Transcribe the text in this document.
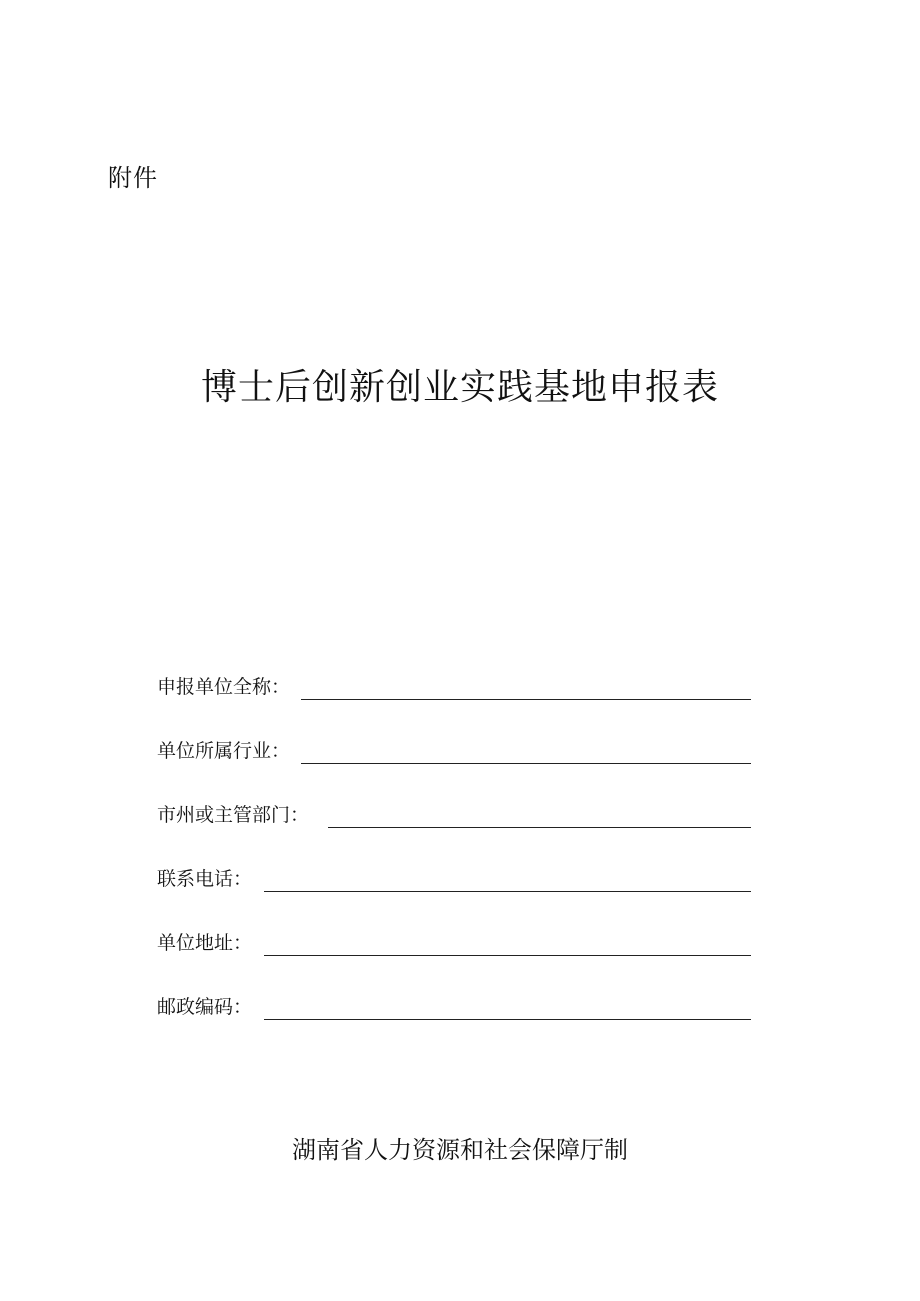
附件
博士后创新创业实践基地申报表
申报单位全称：
单位所属行业：
市州或主管部门：
联系电话：
单位地址：
邮政编码：
湖南省人力资源和社会保障厅制
